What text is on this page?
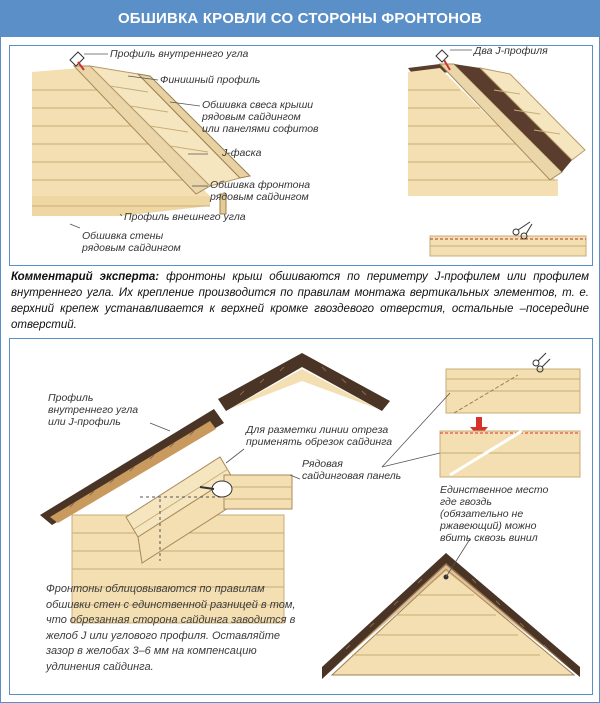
ОБШИВКА КРОВЛИ СО СТОРОНЫ ФРОНТОНОВ
Профиль внутреннего угла
Финишный профиль
Обшивка свеса крыши
рядовым сайдингом
или панелями софитов
J-фаска
Обшивка фронтона
рядовым сайдингом
Профиль внешнего угла
Обшивка стены
рядовым сайдингом
Два J-профиля
Комментарий эксперта: фронтоны крыш обшиваются по периметру J-профилем или профилем внутреннего угла. Их крепление производится по правилам монтажа вертикальных элементов, т. е. верхний крепеж устанавливается к верхней кромке гвоздевого отверстия, остальные –посередине отверстий.
Профиль
внутреннего угла
или J-профиль
Для разметки линии отреза
применять обрезок сайдинга
Рядовая
сайдинговая панель
Единственное место
где гвоздь
(обязательно не
ржавеющий) можно
вбить сквозь винил
Фронтоны облицовываются по правилам обшивки стен с единственной разницей в том, что обрезанная сторона сайдинга заводится в желоб J или углового профиля. Оставляйте зазор в желобах 3–6 мм на компенсацию удлинения сайдинга.
